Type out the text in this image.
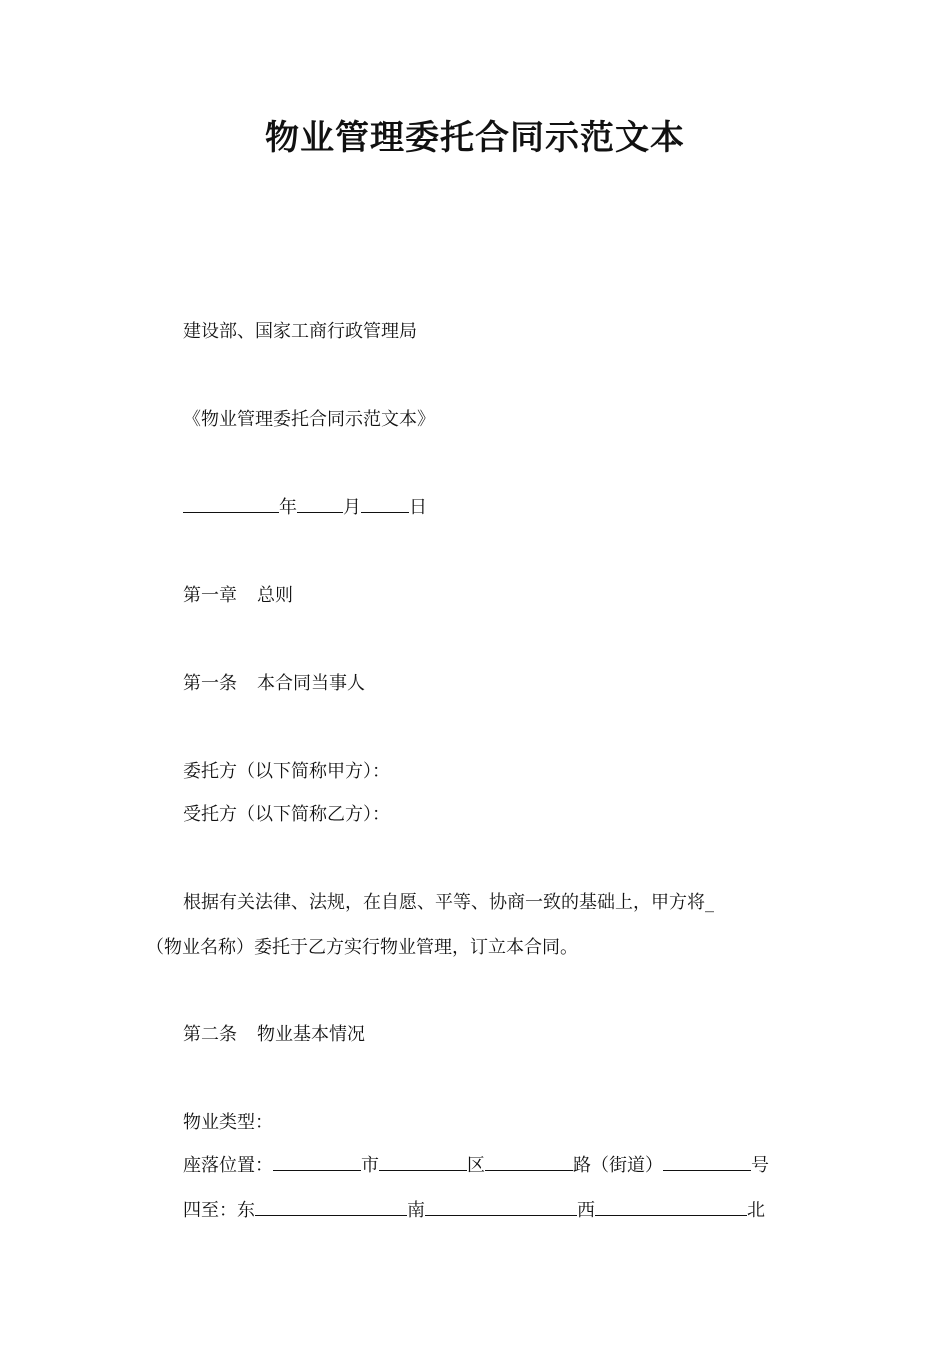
物业管理委托合同示范文本
建设部、国家工商行政管理局
《物业管理委托合同示范文本》
年	月	日
第一章 总则
第一条 本合同当事人
委托方（以下简称甲方）：
受托方（以下简称乙方）：
根据有关法律、法规，在自愿、平等、协商一致的基础上，甲方将_
（物业名称）委托于乙方实行物业管理，订立本合同。
第二条 物业基本情况
物业类型：
座落位置：	市	区	路（街道）	号
四至：东	南	西	北
